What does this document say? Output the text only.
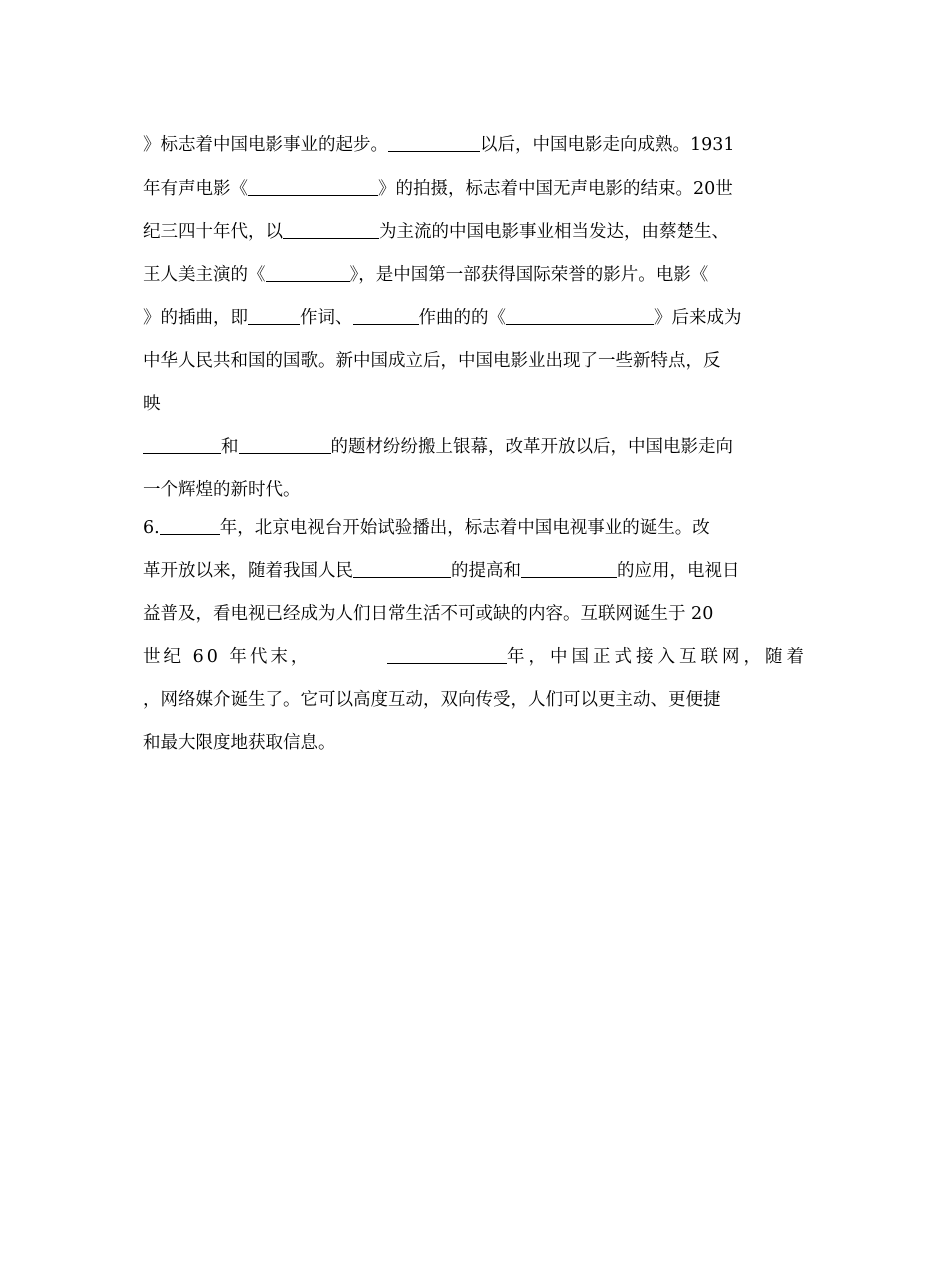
》标志着中国电影事业的起步。	以后，中国电影走向成熟。1931
年有声电影《	》的拍摄，标志着中国无声电影的结束。20世
纪三四十年代，以	为主流的中国电影事业相当发达，由蔡楚生、
王人美主演的《	》，是中国第一部获得国际荣誉的影片。电影《
》的插曲，即	作词、	作曲的的《	》后来成为
中华人民共和国的国歌。新中国成立后，中国电影业出现了一些新特点，反
映
和	的题材纷纷搬上银幕，改革开放以后，中国电影走向
一个辉煌的新时代。
6.	年，北京电视台开始试验播出，标志着中国电视事业的诞生。改
革开放以来，随着我国人民	的提高和	的应用，电视日
益普及，看电视已经成为人们日常生活不可或缺的内容。互联网诞生于 20
世纪 60 年代末，	年，中国正式接入互联网，随着
，网络媒介诞生了。它可以高度互动，双向传受，人们可以更主动、更便捷
和最大限度地获取信息。
